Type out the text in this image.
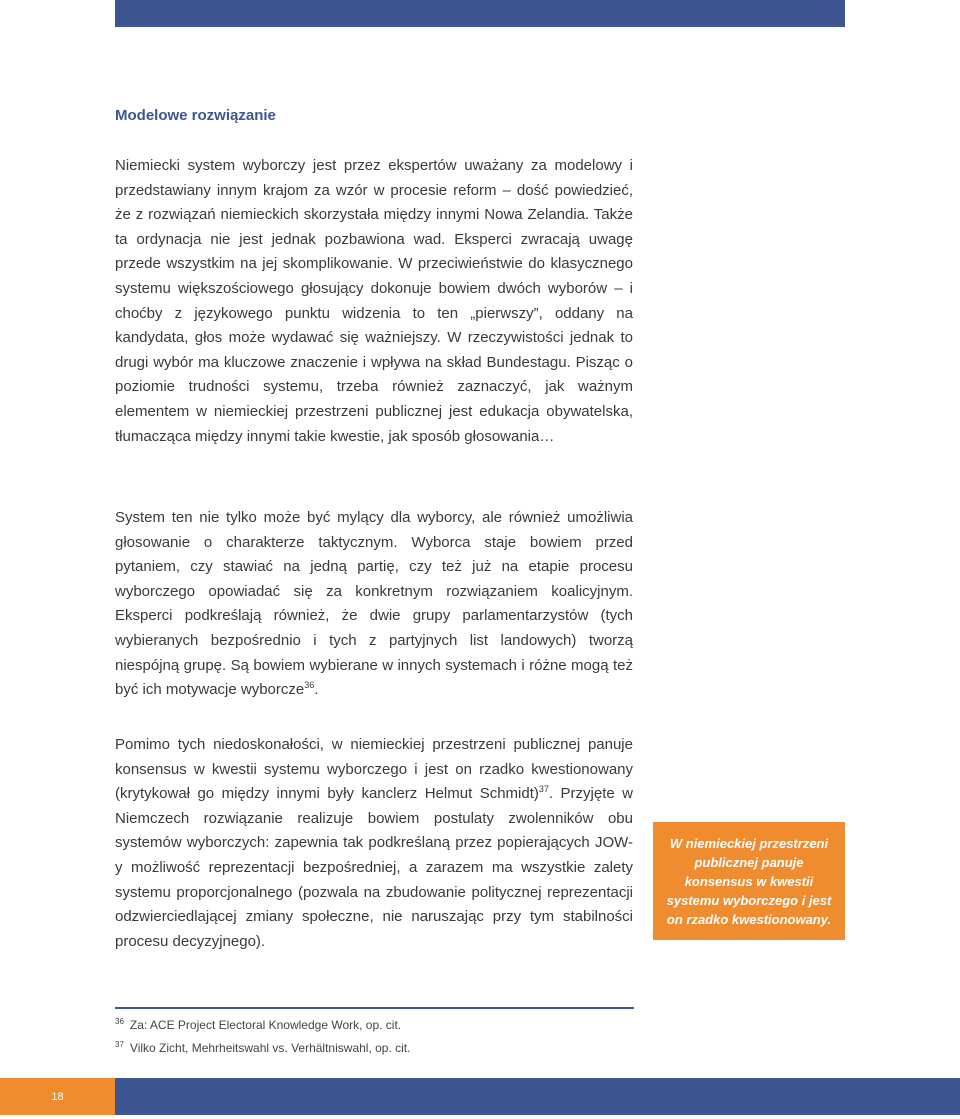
Modelowe rozwiązanie

Niemiecki system wyborczy jest przez ekspertów uważany za modelowy i przedstawiany innym krajom za wzór w procesie reform – dość powiedzieć, że z rozwiązań niemieckich skorzystała między innymi Nowa Zelandia. Także ta ordynacja nie jest jednak pozbawiona wad. Eksperci zwracają uwagę przede wszystkim na jej skomplikowanie. W przeciwieństwie do klasycznego systemu większościowego głosujący dokonuje bowiem dwóch wyborów – i choćby z językowego punktu widzenia to ten „pierwszy”, oddany na kandydata, głos może wydawać się ważniejszy. W rzeczywistości jednak to drugi wybór ma kluczowe znaczenie i wpływa na skład Bundestagu. Pisząc o poziomie trudności systemu, trzeba również zaznaczyć, jak ważnym elementem w niemieckiej przestrzeni publicznej jest edukacja obywatelska, tłumacząca między innymi takie kwestie, jak sposób głosowania…

System ten nie tylko może być mylący dla wyborcy, ale również umożliwia głosowanie o charakterze taktycznym. Wyborca staje bowiem przed pytaniem, czy stawiać na jedną partię, czy też już na etapie procesu wyborczego opowiadać się za konkretnym rozwiązaniem koalicyjnym. Eksperci podkreślają również, że dwie grupy parlamentarzystów (tych wybieranych bezpośrednio i tych z partyjnych list landowych) tworzą niespójną grupę. Są bowiem wybierane w innych systemach i różne mogą też być ich motywacje wyborcze$^{36}$.

Pomimo tych niedoskonałości, w niemieckiej przestrzeni publicznej panuje konsensus w kwestii systemu wyborczego i jest on rzadko kwestionowany (krytykował go między innymi były kanclerz Helmut Schmidt)$^{37}$. Przyjęte w Niemczech rozwiązanie realizuje bowiem postulaty zwolenników obu systemów wyborczych: zapewnia tak podkreślaną przez popierających JOW-y możliwość reprezentacji bezpośredniej, a zarazem ma wszystkie zalety systemu proporcjonalnego (pozwala na zbudowanie politycznej reprezentacji odzwierciedlającej zmiany społeczne, nie naruszając przy tym stabilności procesu decyzyjnego).

W niemieckiej przestrzeni publicznej panuje konsensus w kwestii systemu wyborczego i jest on rzadko kwestionowany.

$^{36}$ Za: ACE Project Electoral Knowledge Work, op. cit.

$^{37}$ Vilko Zicht, Mehrheitswahl vs. Verhältniswahl, op. cit.

18
